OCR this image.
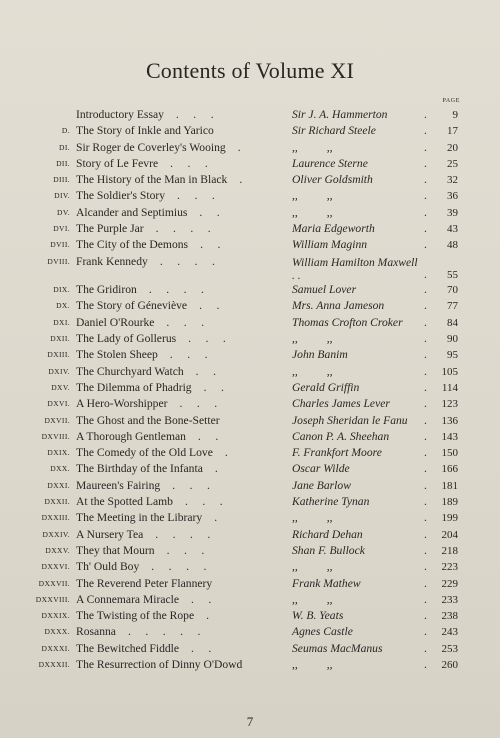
Contents of Volume XI
PAGE
Introductory Essay .     .     .	Sir J. A. Hammerton	. 9
D. The Story of Inkle and Yarico	Sir Richard Steele	. 17
DI. Sir Roger de Coverley's Wooing .	,,          ,,	. 20
DII. Story of Le Fevre .     .     .	Laurence Sterne	. 25
DIII. The History of the Man in Black .	Oliver Goldsmith	. 32
DIV. The Soldier's Story .     .     .	,,          ,,	. 36
DV. Alcander and Septimius .     .	,,          ,,	. 39
DVI. The Purple Jar .     .     .     .	Maria Edgeworth	. 43
DVII. The City of the Demons .     .	William Maginn	. 48
DVIII. Frank Kennedy .     .     .     .	William Hamilton Maxwell . .	. 55
DIX. The Gridiron .     .     .     .	Samuel Lover	. 70
DX. The Story of Géneviève .     .	Mrs. Anna Jameson	. 77
DXI. Daniel O'Rourke .     .     .	Thomas Crofton Croker	. 84
DXII. The Lady of Gollerus .     .     .	,,          ,,	. 90
DXIII. The Stolen Sheep .     .     .	John Banim	. 95
DXIV. The Churchyard Watch .     .	,,          ,,	. 105
DXV. The Dilemma of Phadrig .     .	Gerald Griffin	. 114
DXVI. A Hero-Worshipper .     .     .	Charles James Lever	. 123
DXVII. The Ghost and the Bone-Setter	Joseph Sheridan le Fanu	. 136
DXVIII. A Thorough Gentleman .     .	Canon P. A. Sheehan	. 143
DXIX. The Comedy of the Old Love .	F. Frankfort Moore	. 150
DXX. The Birthday of the Infanta .	Oscar Wilde	. 166
DXXI. Maureen's Fairing .     .     .	Jane Barlow	. 181
DXXII. At the Spotted Lamb .     .     .	Katherine Tynan	. 189
DXXIII. The Meeting in the Library .	,,          ,,	. 199
DXXIV. A Nursery Tea .     .     .     .	Richard Dehan	. 204
DXXV. They that Mourn .     .     .	Shan F. Bullock	. 218
DXXVI. Th' Ould Boy .     .     .     .	,,          ,,	. 223
DXXVII. The Reverend Peter Flannery	Frank Mathew	. 229
DXXVIII. A Connemara Miracle .     .	,,          ,,	. 233
DXXIX. The Twisting of the Rope .	W. B. Yeats	. 238
DXXX. Rosanna .     .     .     .     .	Agnes Castle	. 243
DXXXI. The Bewitched Fiddle .     .	Seumas MacManus	. 253
DXXXII. The Resurrection of Dinny O'Dowd	,,          ,,	. 260
7
